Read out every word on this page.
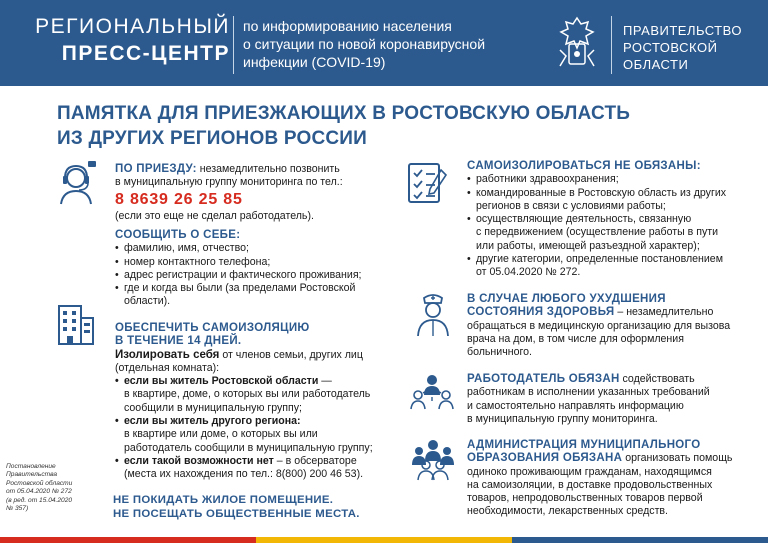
РЕГИОНАЛЬНЫЙ
ПРЕСС-ЦЕНТР
по информированию населения
о ситуации по новой коронавирусной
инфекции (COVID-19)
ПРАВИТЕЛЬСТВО
РОСТОВСКОЙ
ОБЛАСТИ
ПАМЯТКА ДЛЯ ПРИЕЗЖАЮЩИХ В РОСТОВСКУЮ ОБЛАСТЬ
ИЗ ДРУГИХ РЕГИОНОВ РОССИИ
ПО ПРИЕЗДУ: незамедлительно позвонить
в муниципальную группу мониторинга по тел.:
8 8639 26 25 85
(если это еще не сделал работодатель).
СООБЩИТЬ О СЕБЕ:
• фамилию, имя, отчество;
• номер контактного телефона;
• адрес регистрации и фактического проживания;
• где и когда вы были (за пределами Ростовской
области).
ОБЕСПЕЧИТЬ САМОИЗОЛЯЦИЮ
В ТЕЧЕНИЕ 14 ДНЕЙ.
Изолировать себя от членов семьи, других лиц
(отдельная комната):
• если вы житель Ростовской области —
в квартире, доме, о которых вы или работодатель
сообщили в муниципальную группу;
• если вы житель другого региона:
в квартире или доме, о которых вы или
работодатель сообщили в муниципальную группу;
• если такой возможности нет – в обсерваторе
(места их нахождения по тел.: 8(800) 200 46 53).
Постановление
Правительства
Ростовской области
от 05.04.2020 № 272
(в ред. от 15.04.2020
№ 357)
НЕ ПОКИДАТЬ ЖИЛОЕ ПОМЕЩЕНИЕ.
НЕ ПОСЕЩАТЬ ОБЩЕСТВЕННЫЕ МЕСТА.
САМОИЗОЛИРОВАТЬСЯ НЕ ОБЯЗАНЫ:
• работники здравоохранения;
• командированные в Ростовскую область из других
регионов в связи с условиями работы;
• осуществляющие деятельность, связанную
с передвижением (осуществление работы в пути
или работы, имеющей разъездной характер);
• другие категории, определенные постановлением
от 05.04.2020 № 272.
В СЛУЧАЕ ЛЮБОГО УХУДШЕНИЯ
СОСТОЯНИЯ ЗДОРОВЬЯ – незамедлительно
обращаться в медицинскую организацию для вызова
врача на дом, в том числе для оформления
больничного.
РАБОТОДАТЕЛЬ ОБЯЗАН содействовать
работникам в исполнении указанных требований
и самостоятельно направлять информацию
в муниципальную группу мониторинга.
АДМИНИСТРАЦИЯ МУНИЦИПАЛЬНОГО
ОБРАЗОВАНИЯ ОБЯЗАНА организовать помощь
одиноко проживающим гражданам, находящимся
на самоизоляции, в доставке продовольственных
товаров, непродовольственных товаров первой
необходимости, лекарственных средств.
